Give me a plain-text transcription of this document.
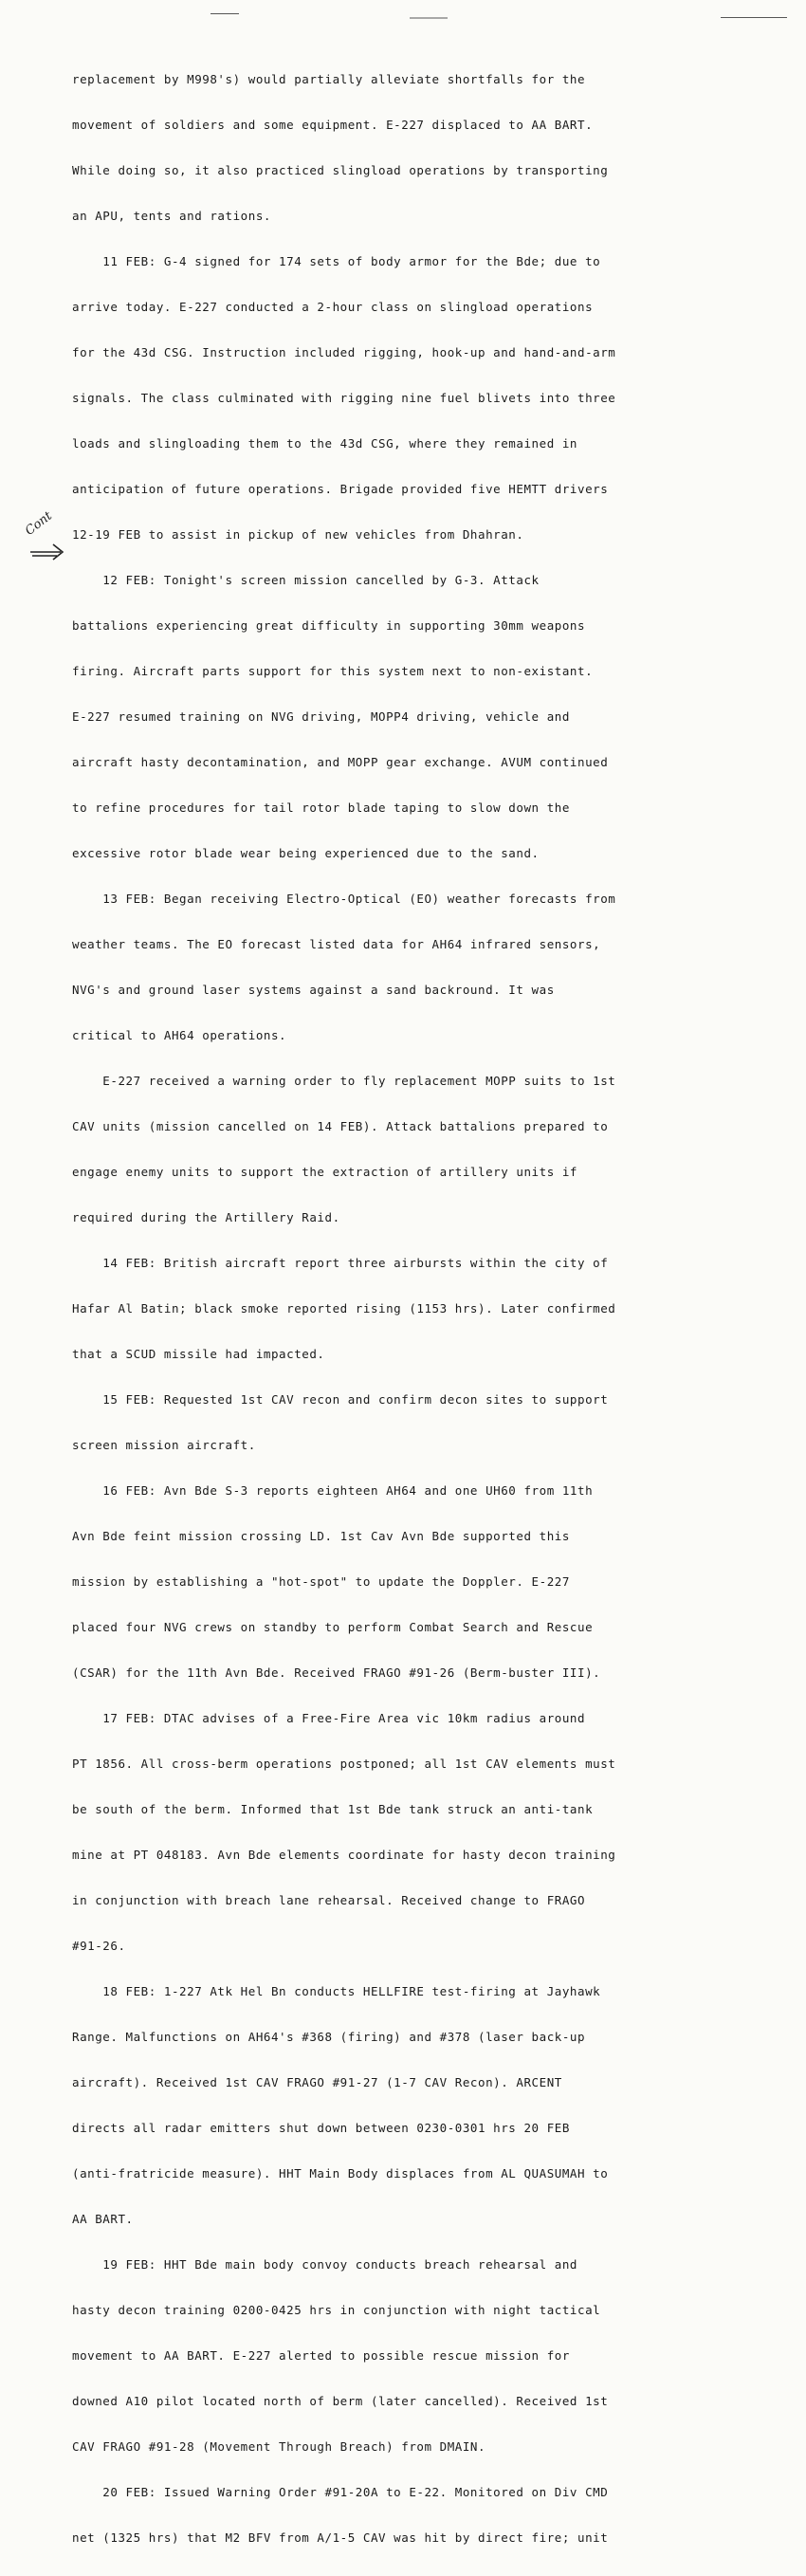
Cont

replacement by M998's) would partially alleviate shortfalls for the

movement of soldiers and some equipment. E-227 displaced to AA BART.

While doing so, it also practiced slingload operations by transporting

an APU, tents and rations.

11 FEB: G-4 signed for 174 sets of body armor for the Bde; due to

arrive today. E-227 conducted a 2-hour class on slingload operations

for the 43d CSG. Instruction included rigging, hook-up and hand-and-arm

signals. The class culminated with rigging nine fuel blivets into three

loads and slingloading them to the 43d CSG, where they remained in

anticipation of future operations. Brigade provided five HEMTT drivers

12-19 FEB to assist in pickup of new vehicles from Dhahran.

12 FEB: Tonight's screen mission cancelled by G-3. Attack

battalions experiencing great difficulty in supporting 30mm weapons

firing. Aircraft parts support for this system next to non-existant.

E-227 resumed training on NVG driving, MOPP4 driving, vehicle and

aircraft hasty decontamination, and MOPP gear exchange. AVUM continued

to refine procedures for tail rotor blade taping to slow down the

excessive rotor blade wear being experienced due to the sand.

13 FEB: Began receiving Electro-Optical (EO) weather forecasts from

weather teams. The EO forecast listed data for AH64 infrared sensors,

NVG's and ground laser systems against a sand backround. It was

critical to AH64 operations.

E-227 received a warning order to fly replacement MOPP suits to 1st

CAV units (mission cancelled on 14 FEB). Attack battalions prepared to

engage enemy units to support the extraction of artillery units if

required during the Artillery Raid.

14 FEB: British aircraft report three airbursts within the city of

Hafar Al Batin; black smoke reported rising (1153 hrs). Later confirmed

that a SCUD missile had impacted.

15 FEB: Requested 1st CAV recon and confirm decon sites to support

screen mission aircraft.

16 FEB: Avn Bde S-3 reports eighteen AH64 and one UH60 from 11th

Avn Bde feint mission crossing LD. 1st Cav Avn Bde supported this

mission by establishing a "hot-spot" to update the Doppler. E-227

placed four NVG crews on standby to perform Combat Search and Rescue

(CSAR) for the 11th Avn Bde. Received FRAGO #91-26 (Berm-buster III).

17 FEB: DTAC advises of a Free-Fire Area vic 10km radius around

PT 1856. All cross-berm operations postponed; all 1st CAV elements must

be south of the berm. Informed that 1st Bde tank struck an anti-tank

mine at PT 048183. Avn Bde elements coordinate for hasty decon training

in conjunction with breach lane rehearsal. Received change to FRAGO

#91-26.

18 FEB: 1-227 Atk Hel Bn conducts HELLFIRE test-firing at Jayhawk

Range. Malfunctions on AH64's #368 (firing) and #378 (laser back-up

aircraft). Received 1st CAV FRAGO #91-27 (1-7 CAV Recon). ARCENT

directs all radar emitters shut down between 0230-0301 hrs 20 FEB

(anti-fratricide measure). HHT Main Body displaces from AL QUASUMAH to

AA BART.

19 FEB: HHT Bde main body convoy conducts breach rehearsal and

hasty decon training 0200-0425 hrs in conjunction with night tactical

movement to AA BART. E-227 alerted to possible rescue mission for

downed A10 pilot located north of berm (later cancelled). Received 1st

CAV FRAGO #91-28 (Movement Through Breach) from DMAIN.

20 FEB: Issued Warning Order #91-20A to E-22. Monitored on Div CMD

net (1325 hrs) that M2 BFV from A/1-5 CAV was hit by direct fire; unit
